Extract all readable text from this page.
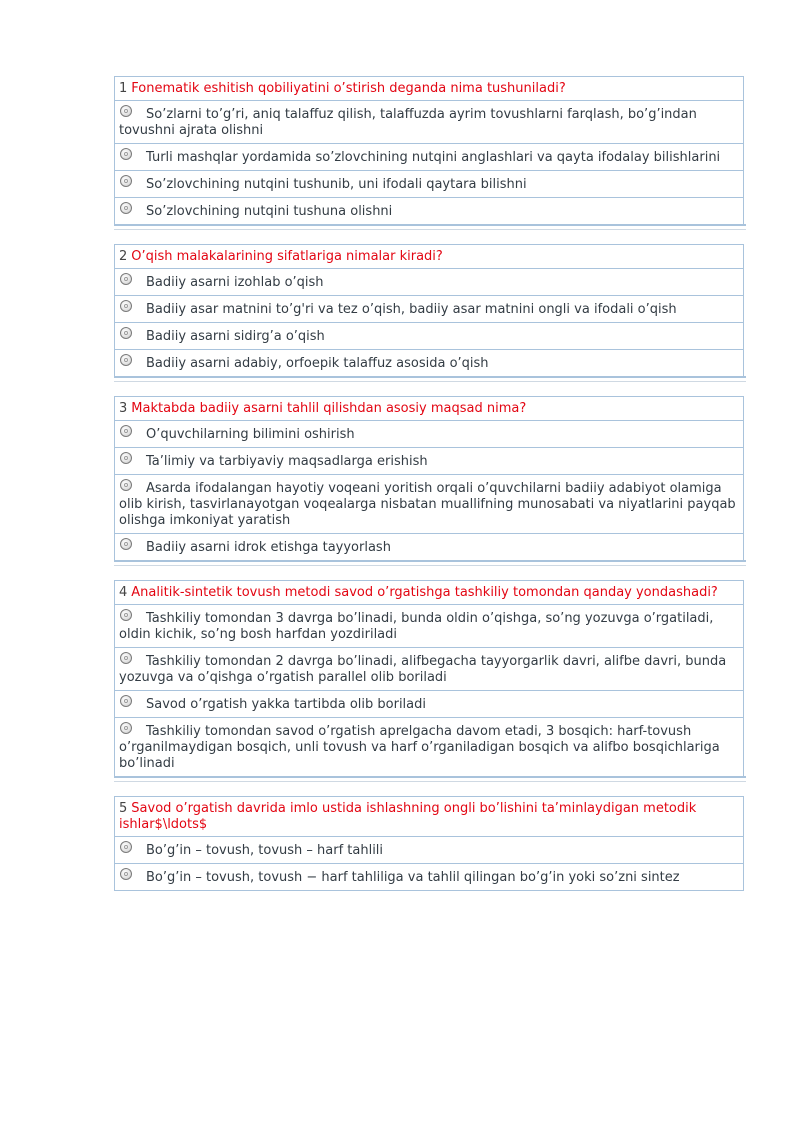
1 Fonematik eshitish qobiliyatini o’stirish deganda nima tushuniladi?
So’zlarni to’g’ri, aniq talaffuz qilish, talaffuzda ayrim tovushlarni farqlash, bo’g’indan tovushni ajrata olishni
Turli mashqlar yordamida so’zlovchining nutqini anglashlari va qayta ifodalay bilishlarini
So’zlovchining nutqini tushunib, uni ifodali qaytara bilishni
So’zlovchining nutqini tushuna olishni
2 O’qish malakalarining sifatlariga nimalar kiradi?
Badiiy asarni izohlab o’qish
Badiiy asar matnini to’g'ri va tez o’qish, badiiy asar matnini ongli va ifodali o’qish
Badiiy asarni sidirg’a o’qish
Badiiy asarni adabiy, orfoepik talaffuz asosida o’qish
3 Maktabda badiiy asarni tahlil qilishdan asosiy maqsad nima?
O’quvchilarning bilimini oshirish
Ta’limiy va tarbiyaviy maqsadlarga erishish
Asarda ifodalangan hayotiy voqeani yoritish orqali o’quvchilarni badiiy adabiyot olamiga olib kirish, tasvirlanayotgan voqealarga nisbatan muallifning munosabati va niyatlarini payqab olishga imkoniyat yaratish
Badiiy asarni idrok etishga tayyorlash
4 Analitik-sintetik tovush metodi savod o’rgatishga tashkiliy tomondan qanday yondashadi?
Tashkiliy tomondan 3 davrga bo’linadi, bunda oldin o’qishga, so’ng yozuvga o’rgatiladi, oldin kichik, so’ng bosh harfdan yozdiriladi
Tashkiliy tomondan 2 davrga bo’linadi, alifbegacha tayyorgarlik davri, alifbe davri, bunda yozuvga va o’qishga o’rgatish parallel olib boriladi
Savod o’rgatish yakka tartibda olib boriladi
Tashkiliy tomondan savod o’rgatish aprelgacha davom etadi, 3 bosqich: harf-tovush o’rganilmaydigan bosqich, unli tovush va harf o’rganiladigan bosqich va alifbo bosqichlariga bo’linadi
5 Savod o’rgatish davrida imlo ustida ishlashning ongli bo’lishini ta’minlaydigan metodik ishlar$\ldots$
Bo’g’in – tovush, tovush – harf tahlili
Bo’g’in – tovush, tovush − harf tahliliga va tahlil qilingan bo’g’in yoki so’zni sintez
